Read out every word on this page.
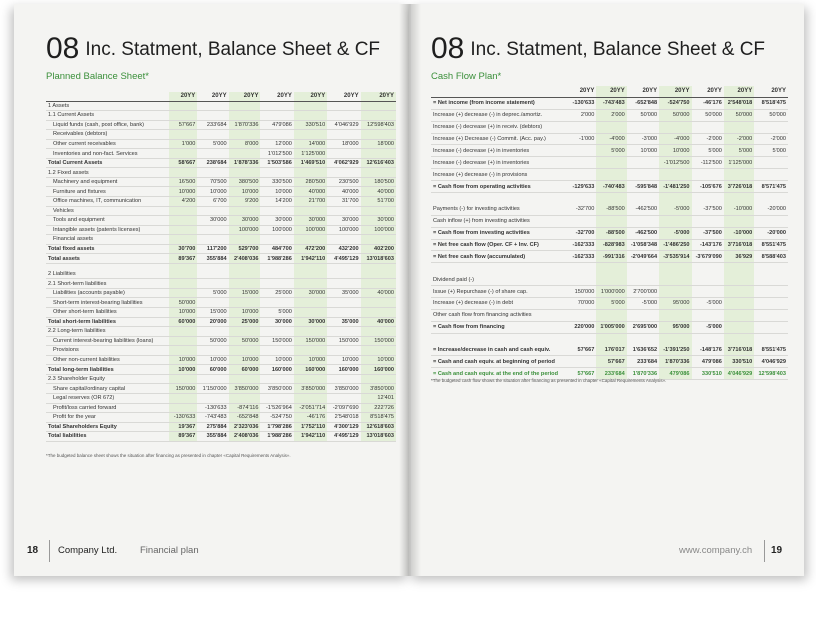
08 Inc. Statment, Balance Sheet & CF
Planned Balance Sheet*
	20YY	20YY	20YY	20YY	20YY	20YY	20YY
1 Assets							
1.1 Current Assets							
Liquid funds (cash, post office, bank)	57'667	233'684	1'870'336	479'086	330'510	4'046'929	12'598'403
Receivables (debtors)							
Other current receivables	1'000	5'000	8'000	12'000	14'000	18'000	18'000
Inventories and non-fact. Services				1'012'500	1'125'000		
Total Current Assets	58'667	238'684	1'878'336	1'503'586	1'469'510	4'062'929	12'616'403
1.2 Fixed assets							
Machinery and equipment	16'500	70'500	380'500	330'500	280'500	230'500	180'500
Furniture and fixtures	10'000	10'000	10'000	10'000	40'000	40'000	40'000
Office machines, IT, communication	4'200	6'700	9'200	14'200	21'700	31'700	51'700
Vehicles							
Tools and equipment		30'000	30'000	30'000	30'000	30'000	30'000
Intangible assets (patents licenses)			100'000	100'000	100'000	100'000	100'000
Financial assets							
Total fixed assets	30'700	117'200	529'700	484'700	472'200	432'200	402'200
Total assets	89'367	355'884	2'408'036	1'988'286	1'942'110	4'495'129	13'018'603

2 Liabilities							
2.1 Short-term liabilities							
Liabilities (accounts payable)		5'000	15'000	25'000	30'000	35'000	40'000
Short-term interest-bearing liabilities	50'000						
Other short-term liabilities	10'000	15'000	10'000	5'000			
Total short-term liabilities	60'000	20'000	25'000	30'000	30'000	35'000	40'000
2.2 Long-term liabilities							
Current interest-bearing liabilities (loans)		50'000	50'000	150'000	150'000	150'000	150'000
Provisions							
Other non-current liabilities	10'000	10'000	10'000	10'000	10'000	10'000	10'000
Total long-term liabilities	10'000	60'000	60'000	160'000	160'000	160'000	160'000
2.3 Shareholder Equity							
Share capital/ordinary capital	150'000	1'150'000	3'850'000	3'850'000	3'850'000	3'850'000	3'850'000
Legal reserves (OR 672)							12'401
Profit/loss carried forward		-130'633	-874'116	-1'526'964	-2'051'714	-2'097'690	222'726
Profit for the year	-130'633	-743'483	-652'848	-524'750	-46'176	2'548'018	8'518'475
Total Shareholders Equity	19'367	275'884	2'323'036	1'798'286	1'752'110	4'300'129	12'618'603
Total liabilities	89'367	355'884	2'408'036	1'988'286	1'942'110	4'495'129	13'018'603
*The budgeted balance sheet shows the situation after financing as presented in chapter «Capital Requirements Analysis».
18 Company Ltd. Financial plan
08 Inc. Statment, Balance Sheet & CF
Cash Flow Plan*
	20YY	20YY	20YY	20YY	20YY	20YY	20YY
= Net income (from income statement)	-130'633	-743'483	-652'848	-524'750	-46'176	2'548'018	8'518'475
Increase (+) decrease (-) in deprec./amortiz.	2'000	2'000	50'000	50'000	50'000	50'000	50'000
Increase (-) decrease (+) in receiv. (debtors)							
Increase (+) Decrease (-) Commit. (Acc. pay.)	-1'000	-4'000	-3'000	-4'000	-2'000	-2'000	-2'000
Increase (-) decrease (+) in inventories		5'000	10'000	10'000	5'000	5'000	5'000
Increase (-) decrease (+) in inventories				-1'012'500	-112'500	1'125'000	
Increase (+) decrease (-) in provisions							
= Cash flow from operating activities	-129'633	-740'483	-595'848	-1'481'250	-105'676	3'726'018	8'571'475

Payments (-) for investing activities	-32'700	-88'500	-462'500	-5'000	-37'500	-10'000	-20'000
Cash inflow (+) from investing activities							
= Cash flow from investing activities	-32'700	-88'500	-462'500	-5'000	-37'500	-10'000	-20'000
= Net free cash flow (Oper. CF + Inv. CF)	-162'333	-828'983	-1'058'348	-1'486'250	-143'176	3'716'018	8'551'475
= Net free cash flow (accumulated)	-162'333	-991'316	-2'049'664	-3'535'914	-3'679'090	36'929	8'588'403

Dividend paid (-)							
Issue (+) Repurchase (-) of share cap.	150'000	1'000'000	2'700'000				
Increase (+) decrease (-) in debt	70'000	5'000	-5'000	95'000	-5'000		
Other cash flow from financing activities							
= Cash flow from financing	220'000	1'005'000	2'695'000	95'000	-5'000		

= Increase/decrease in cash and cash equiv.	57'667	176'017	1'636'652	-1'391'250	-148'176	3'716'018	8'551'475
= Cash and cash equiv. at beginning of period		57'667	233'684	1'870'336	479'086	330'510	4'046'929
= Cash and cash equiv. at the end of the period	57'667	233'684	1'870'336	479'086	330'510	4'046'929	12'598'403
*The budgeted cash flow shows the situation after financing as presented in chapter «Capital Requirements Analysis».
www.company.ch 19
